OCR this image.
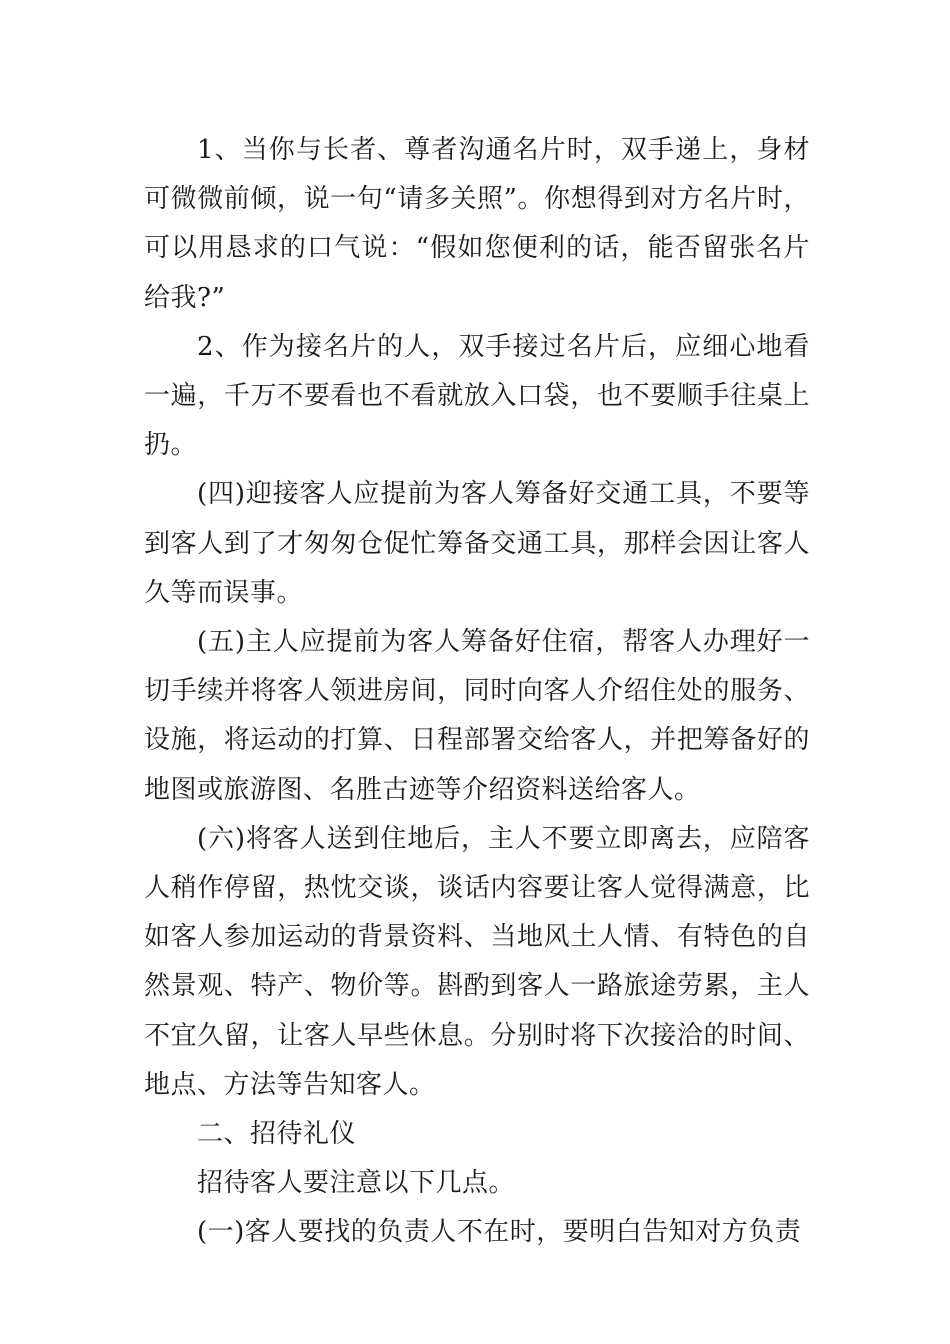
1、当你与长者、尊者沟通名片时，双手递上，身材可微微前倾，说一句“请多关照”。你想得到对方名片时，可以用恳求的口气说：“假如您便利的话，能否留张名片给我?”

2、作为接名片的人，双手接过名片后，应细心地看一遍，千万不要看也不看就放入口袋，也不要顺手往桌上扔。

(四)迎接客人应提前为客人筹备好交通工具，不要等到客人到了才匆匆仓促忙筹备交通工具，那样会因让客人久等而误事。

(五)主人应提前为客人筹备好住宿，帮客人办理好一切手续并将客人领进房间，同时向客人介绍住处的服务、设施，将运动的打算、日程部署交给客人，并把筹备好的地图或旅游图、名胜古迹等介绍资料送给客人。

(六)将客人送到住地后，主人不要立即离去，应陪客人稍作停留，热忱交谈，谈话内容要让客人觉得满意，比如客人参加运动的背景资料、当地风土人情、有特色的自然景观、特产、物价等。斟酌到客人一路旅途劳累，主人不宜久留，让客人早些休息。分别时将下次接洽的时间、地点、方法等告知客人。

二、招待礼仪

招待客人要注意以下几点。

(一)客人要找的负责人不在时，要明白告知对方负责
